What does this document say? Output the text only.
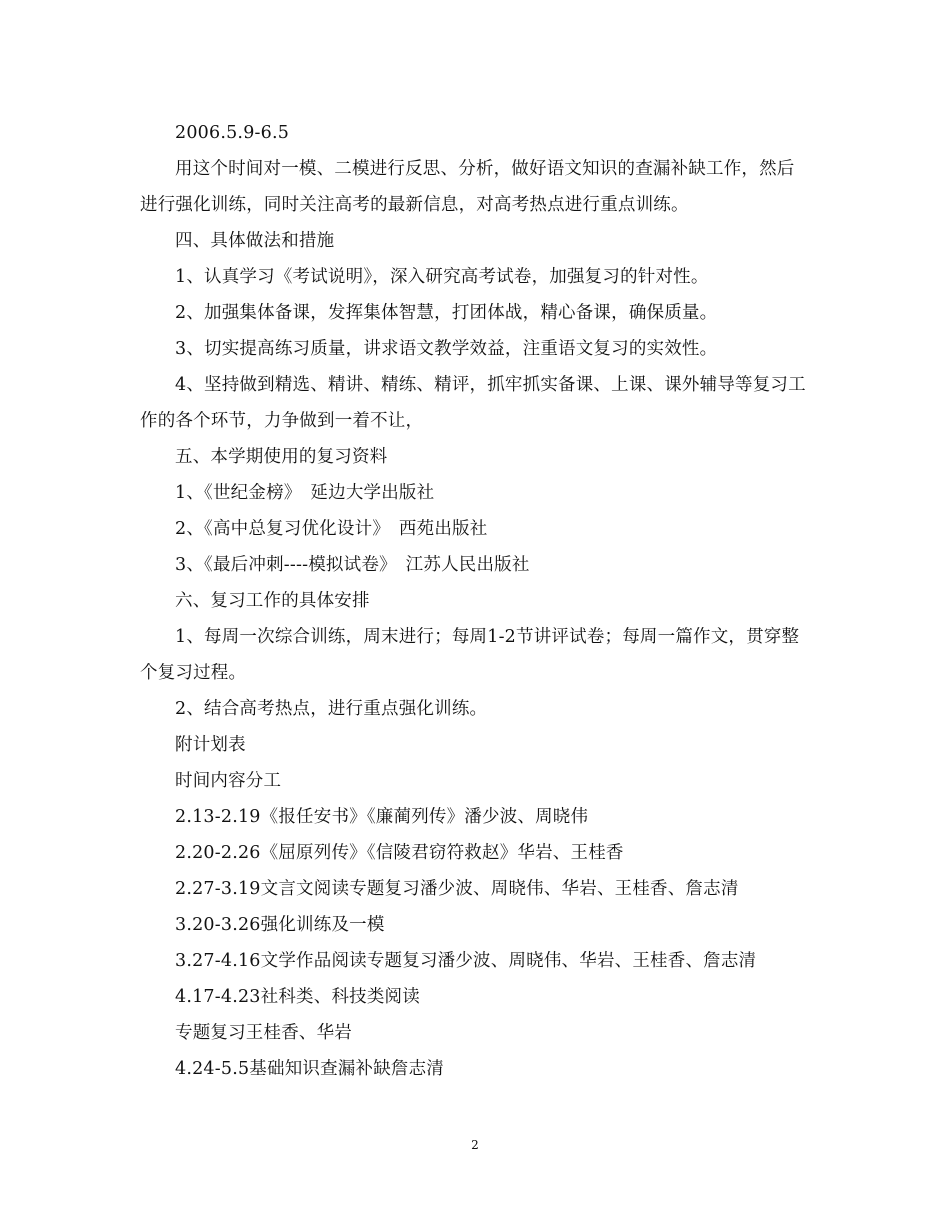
2006.5.9-6.5

用这个时间对一模、二模进行反思、分析，做好语文知识的查漏补缺工作，然后进行强化训练，同时关注高考的最新信息，对高考热点进行重点训练。

四、具体做法和措施

1、认真学习《考试说明》，深入研究高考试卷，加强复习的针对性。

2、加强集体备课，发挥集体智慧，打团体战，精心备课，确保质量。

3、切实提高练习质量，讲求语文教学效益，注重语文复习的实效性。

4、坚持做到精选、精讲、精练、精评，抓牢抓实备课、上课、课外辅导等复习工作的各个环节，力争做到一着不让，

五、本学期使用的复习资料

1、《世纪金榜》　延边大学出版社

2、《高中总复习优化设计》　西苑出版社

3、《最后冲刺----模拟试卷》　江苏人民出版社

六、复习工作的具体安排

1、每周一次综合训练，周末进行；每周1-2节讲评试卷；每周一篇作文，贯穿整个复习过程。

2、结合高考热点，进行重点强化训练。

附计划表

时间内容分工

2.13-2.19《报任安书》《廉蔺列传》潘少波、周晓伟

2.20-2.26《屈原列传》《信陵君窃符救赵》华岩、王桂香

2.27-3.19文言文阅读专题复习潘少波、周晓伟、华岩、王桂香、詹志清

3.20-3.26强化训练及一模

3.27-4.16文学作品阅读专题复习潘少波、周晓伟、华岩、王桂香、詹志清

4.17-4.23社科类、科技类阅读

专题复习王桂香、华岩

4.24-5.5基础知识查漏补缺詹志清

2
